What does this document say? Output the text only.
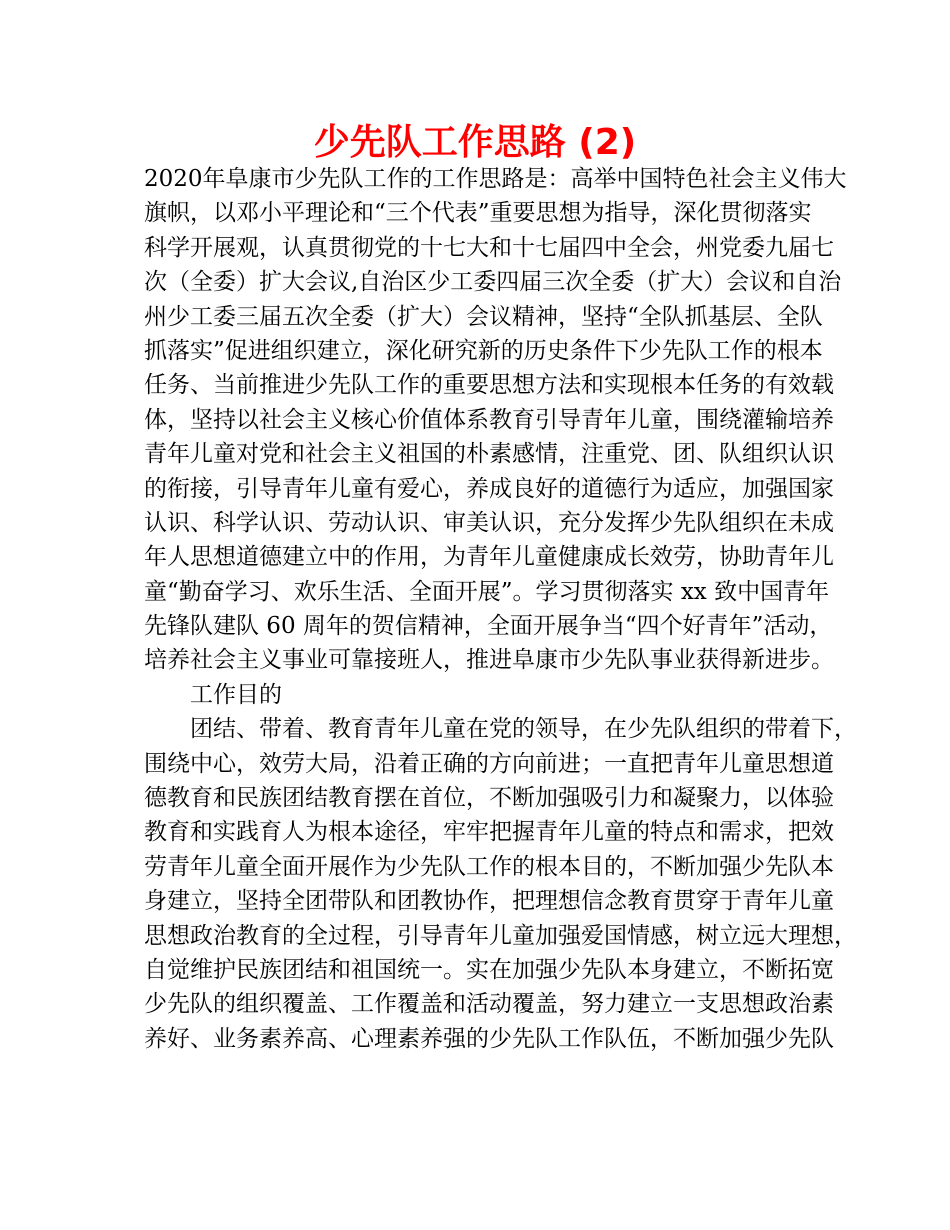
少先队工作思路 (2)
2020年阜康市少先队工作的工作思路是：高举中国特色社会主义伟大
旗帜，以邓小平理论和“三个代表”重要思想为指导，深化贯彻落实
科学开展观，认真贯彻党的十七大和十七届四中全会，州党委九届七
次（全委）扩大会议,自治区少工委四届三次全委（扩大）会议和自治
州少工委三届五次全委（扩大）会议精神，坚持“全队抓基层、全队
抓落实”促进组织建立，深化研究新的历史条件下少先队工作的根本
任务、当前推进少先队工作的重要思想方法和实现根本任务的有效载
体，坚持以社会主义核心价值体系教育引导青年儿童，围绕灌输培养
青年儿童对党和社会主义祖国的朴素感情，注重党、团、队组织认识
的衔接，引导青年儿童有爱心，养成良好的道德行为适应，加强国家
认识、科学认识、劳动认识、审美认识，充分发挥少先队组织在未成
年人思想道德建立中的作用，为青年儿童健康成长效劳，协助青年儿
童“勤奋学习、欢乐生活、全面开展”。学习贯彻落实 xx 致中国青年
先锋队建队 60 周年的贺信精神，全面开展争当“四个好青年”活动，
培养社会主义事业可靠接班人，推进阜康市少先队事业获得新进步。
工作目的
团结、带着、教育青年儿童在党的领导，在少先队组织的带着下，
围绕中心，效劳大局，沿着正确的方向前进；一直把青年儿童思想道
德教育和民族团结教育摆在首位，不断加强吸引力和凝聚力，以体验
教育和实践育人为根本途径，牢牢把握青年儿童的特点和需求，把效
劳青年儿童全面开展作为少先队工作的根本目的，不断加强少先队本
身建立，坚持全团带队和团教协作，把理想信念教育贯穿于青年儿童
思想政治教育的全过程，引导青年儿童加强爱国情感，树立远大理想，
自觉维护民族团结和祖国统一。实在加强少先队本身建立，不断拓宽
少先队的组织覆盖、工作覆盖和活动覆盖，努力建立一支思想政治素
养好、业务素养高、心理素养强的少先队工作队伍，不断加强少先队
